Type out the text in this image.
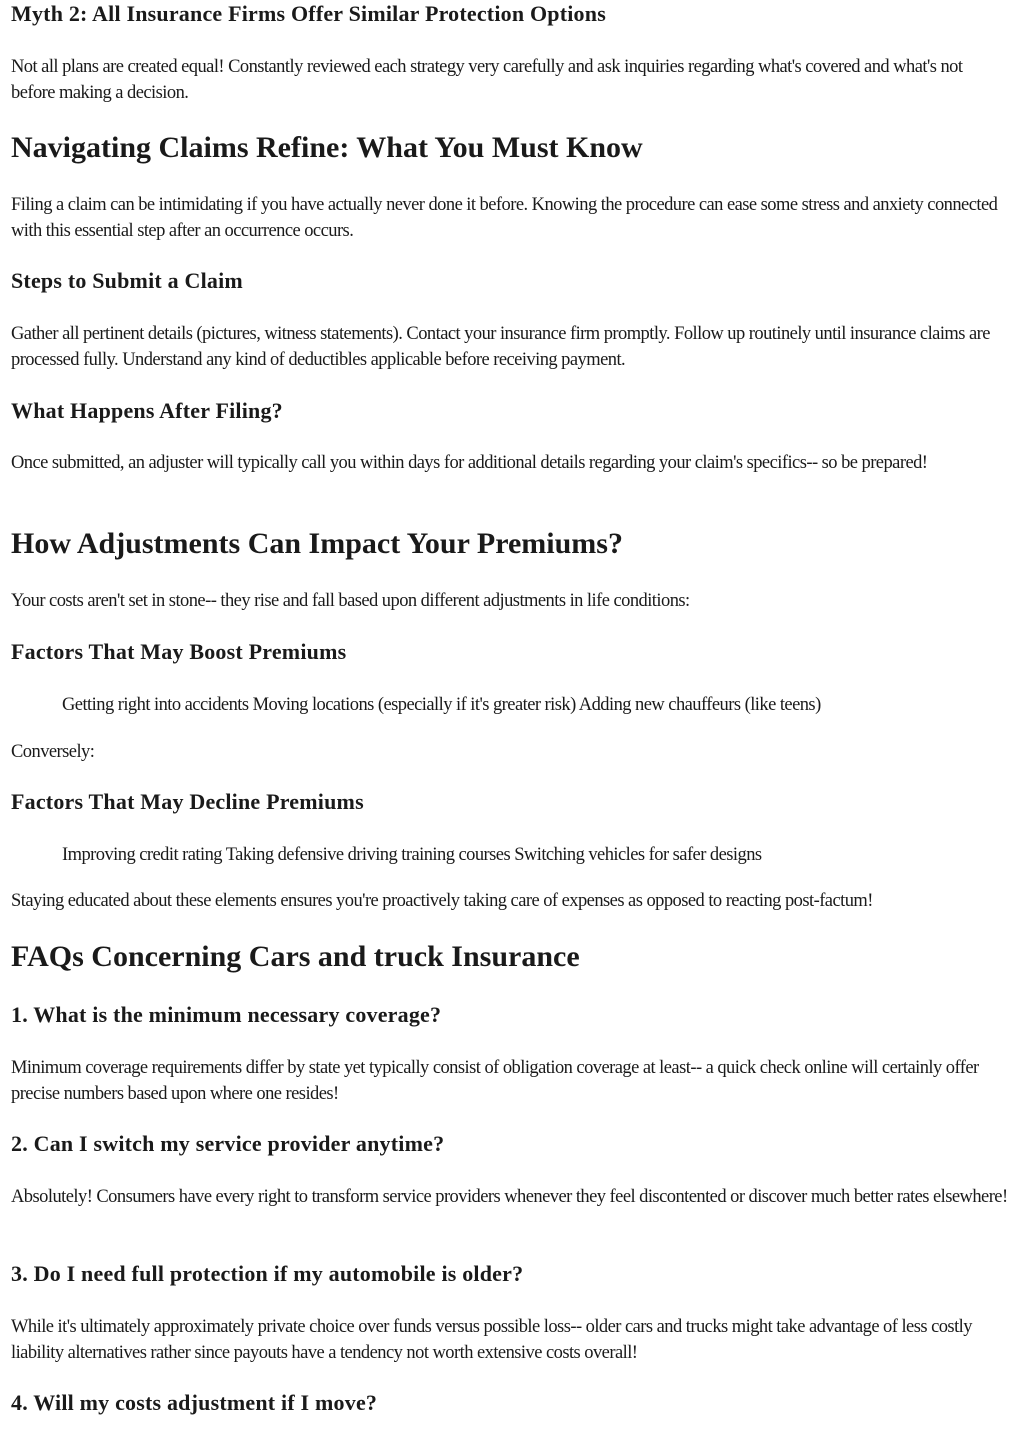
Myth 2: All Insurance Firms Offer Similar Protection Options

Not all plans are created equal! Constantly reviewed each strategy very carefully and ask inquiries regarding what's covered and what's not before making a decision.

Navigating Claims Refine: What You Must Know

Filing a claim can be intimidating if you have actually never done it before. Knowing the procedure can ease some stress and anxiety connected with this essential step after an occurrence occurs.

Steps to Submit a Claim

Gather all pertinent details (pictures, witness statements). Contact your insurance firm promptly. Follow up routinely until insurance claims are processed fully. Understand any kind of deductibles applicable before receiving payment.

What Happens After Filing?

Once submitted, an adjuster will typically call you within days for additional details regarding your claim's specifics-- so be prepared!

How Adjustments Can Impact Your Premiums?

Your costs aren't set in stone-- they rise and fall based upon different adjustments in life conditions:

Factors That May Boost Premiums

Getting right into accidents Moving locations (especially if it's greater risk) Adding new chauffeurs (like teens)

Conversely:

Factors That May Decline Premiums

Improving credit rating Taking defensive driving training courses Switching vehicles for safer designs

Staying educated about these elements ensures you're proactively taking care of expenses as opposed to reacting post-factum!

FAQs Concerning Cars and truck Insurance
1. What is the minimum necessary coverage?

Minimum coverage requirements differ by state yet typically consist of obligation coverage at least-- a quick check online will certainly offer precise numbers based upon where one resides!

2. Can I switch my service provider anytime?

Absolutely! Consumers have every right to transform service providers whenever they feel discontented or discover much better rates elsewhere!

3. Do I need full protection if my automobile is older?

While it's ultimately approximately private choice over funds versus possible loss-- older cars and trucks might take advantage of less costly liability alternatives rather since payouts have a tendency not worth extensive costs overall!

4. Will my costs adjustment if I move?
